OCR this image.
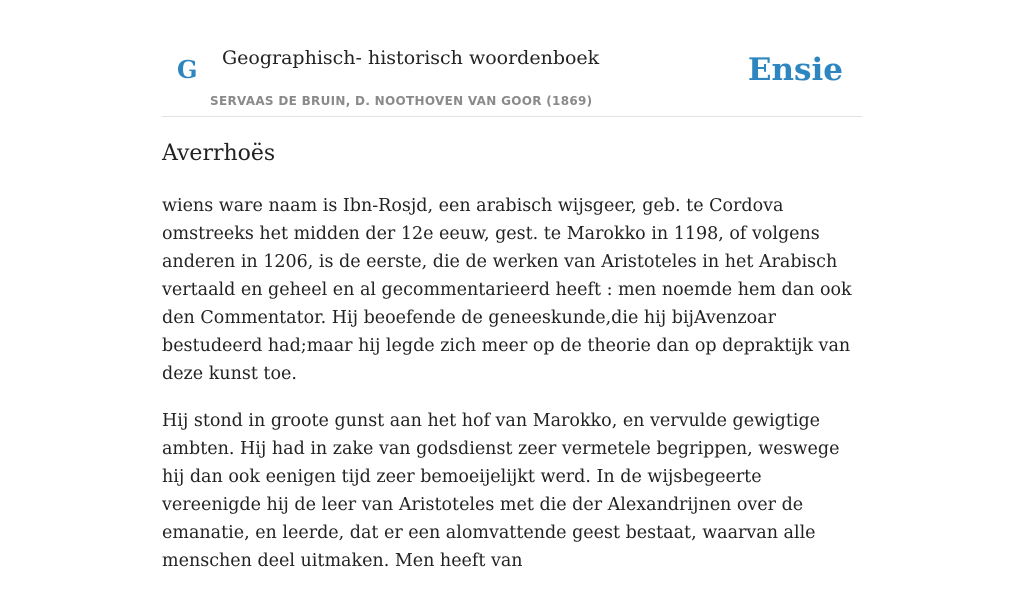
G Geographisch- historisch woordenboek
SERVAAS DE BRUIN, D. NOOTHOVEN VAN GOOR (1869)
Ensie
Averrhoës

wiens ware naam is Ibn-Rosjd, een arabisch wijsgeer, geb. te Cordova omstreeks het midden der 12e eeuw, gest. te Marokko in 1198, of volgens anderen in 1206, is de eerste, die de werken van Aristoteles in het Arabisch vertaald en geheel en al gecommentarieerd heeft : men noemde hem dan ook den Commentator. Hij beoefende de geneeskunde,die hij bijAvenzoar bestudeerd had;maar hij legde zich meer op de theorie dan op depraktijk van deze kunst toe.

Hij stond in groote gunst aan het hof van Marokko, en vervulde gewigtige ambten. Hij had in zake van godsdienst zeer vermetele begrippen, weswege hij dan ook eenigen tijd zeer bemoeijelijkt werd. In de wijsbegeerte vereenigde hij de leer van Aristoteles met die der Alexandrijnen over de emanatie, en leerde, dat er een alomvattende geest bestaat, waarvan alle menschen deel uitmaken. Men heeft van
